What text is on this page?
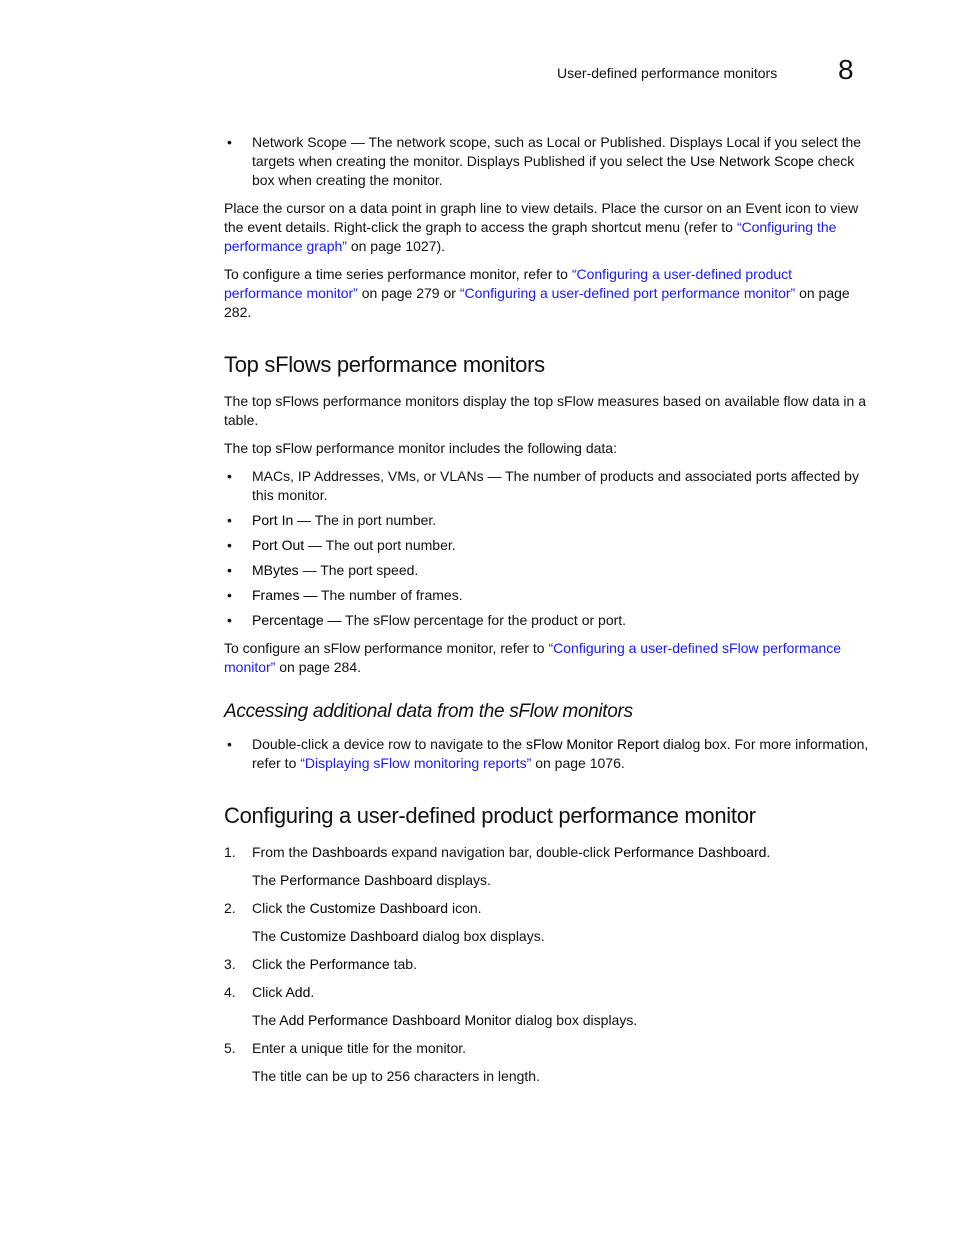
User-defined performance monitors 8
• Network Scope — The network scope, such as Local or Published. Displays Local if you select the targets when creating the monitor. Displays Published if you select the Use Network Scope check box when creating the monitor.

Place the cursor on a data point in graph line to view details. Place the cursor on an Event icon to view the event details. Right-click the graph to access the graph shortcut menu (refer to “Configuring the performance graph” on page 1027).

To configure a time series performance monitor, refer to “Configuring a user-defined product performance monitor” on page 279 or “Configuring a user-defined port performance monitor” on page 282.

Top sFlows performance monitors

The top sFlows performance monitors display the top sFlow measures based on available flow data in a table.

The top sFlow performance monitor includes the following data:

• MACs, IP Addresses, VMs, or VLANs — The number of products and associated ports affected by this monitor.
• Port In — The in port number.
• Port Out — The out port number.
• MBytes — The port speed.
• Frames — The number of frames.
• Percentage — The sFlow percentage for the product or port.

To configure an sFlow performance monitor, refer to “Configuring a user-defined sFlow performance monitor” on page 284.

Accessing additional data from the sFlow monitors
• Double-click a device row to navigate to the sFlow Monitor Report dialog box. For more information, refer to “Displaying sFlow monitoring reports” on page 1076.
Configuring a user-defined product performance monitor
1. From the Dashboards expand navigation bar, double-click Performance Dashboard.
The Performance Dashboard displays.
2. Click the Customize Dashboard icon.
The Customize Dashboard dialog box displays.
3. Click the Performance tab.
4. Click Add.
The Add Performance Dashboard Monitor dialog box displays.
5. Enter a unique title for the monitor.
The title can be up to 256 characters in length.
